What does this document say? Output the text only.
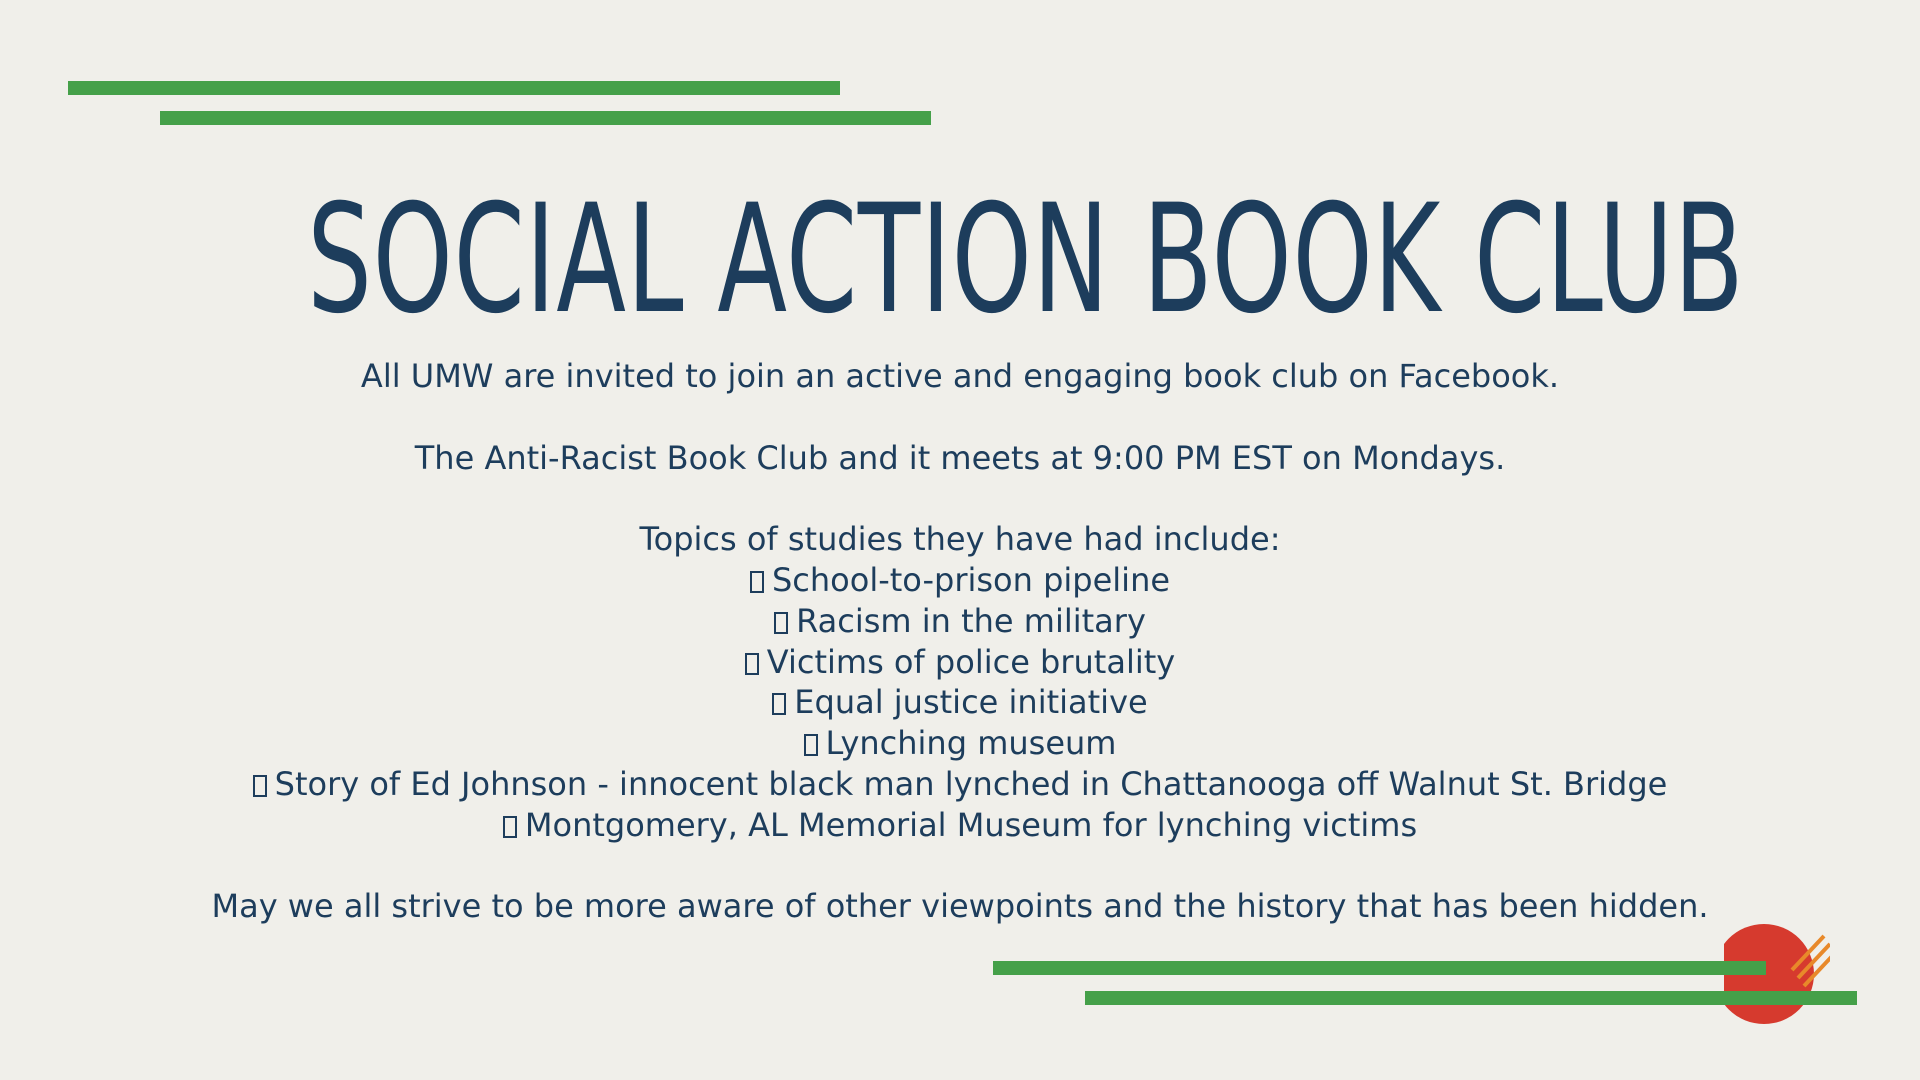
SOCIAL ACTION BOOK CLUB
All UMW are invited to join an active and engaging book club on Facebook.
The Anti-Racist Book Club and it meets at 9:00 PM EST on Mondays.
Topics of studies they have had include:
School-to-prison pipeline
Racism in the military
Victims of police brutality
Equal justice initiative
Lynching museum
Story of Ed Johnson - innocent black man lynched in Chattanooga off Walnut St. Bridge
Montgomery, AL Memorial Museum for lynching victims
May we all strive to be more aware of other viewpoints and the history that has been hidden.
